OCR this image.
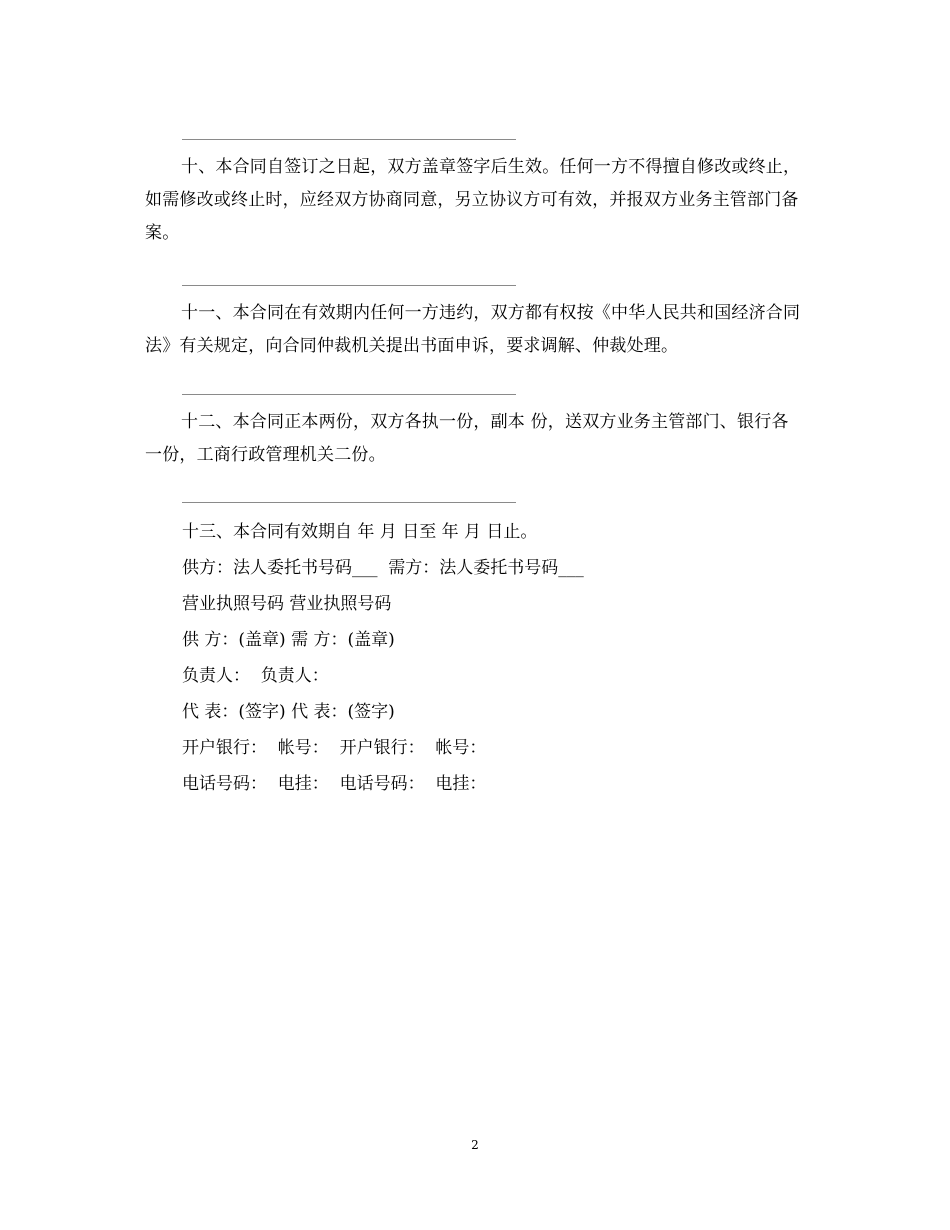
十、本合同自签订之日起，双方盖章签字后生效。任何一方不得擅自修改或终止，如需修改或终止时，应经双方协商同意，另立协议方可有效，并报双方业务主管部门备案。

十一、本合同在有效期内任何一方违约，双方都有权按《中华人民共和国经济合同法》有关规定，向合同仲裁机关提出书面申诉，要求调解、仲裁处理。

十二、本合同正本两份，双方各执一份，副本 份，送双方业务主管部门、银行各一份，工商行政管理机关二份。

十三、本合同有效期自 年 月 日至 年 月 日止。

供方：法人委托书号码___  需方：法人委托书号码___

营业执照号码 营业执照号码

供 方：(盖章) 需 方：(盖章)

负责人：  负责人：

代 表：(签字) 代 表：(签字)

开户银行：  帐号：  开户银行：  帐号：

电话号码：  电挂：  电话号码：  电挂：

2
